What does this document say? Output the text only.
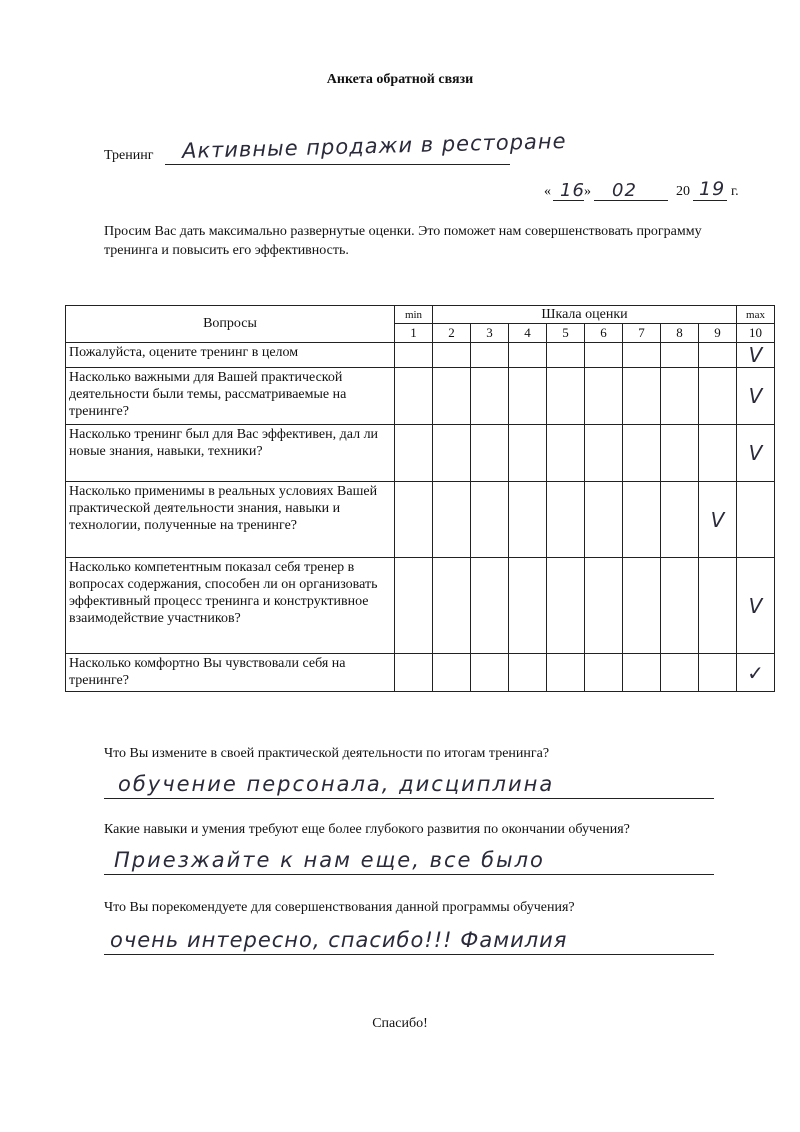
Анкета обратной связи
Тренинг Активные продажи в ресторане
« 16 » 02	20 19 г.
Просим Вас дать максимально развернутые оценки. Это поможет нам совершенствовать программу тренинга и повысить его эффективность.
Вопросы	min	Шкала оценки								max
	1	2	3	4	5	6	7	8	9	10
Пожалуйста, оцените тренинг в целом										V
Насколько важными для Вашей практической деятельности были темы, рассматриваемые на тренинге?										V
Насколько тренинг был для Вас эффективен, дал ли новые знания, навыки, техники?										V
Насколько применимы в реальных условиях Вашей практической деятельности знания, навыки и технологии, полученные на тренинге?									V	
Насколько компетентным показал себя тренер в вопросах содержания, способен ли он организовать эффективный процесс тренинга и конструктивное взаимодействие участников?										V
Насколько комфортно Вы чувствовали себя на тренинге?										✓
Что Вы измените в своей практической деятельности по итогам тренинга?
обучение персонала, дисциплина
Какие навыки и умения требуют еще более глубокого развития по окончании обучения?
Приезжайте к нам еще, все было
Что Вы порекомендуете для совершенствования данной программы обучения?
очень интересно, спасибо!!! Фамилия
Спасибо!
